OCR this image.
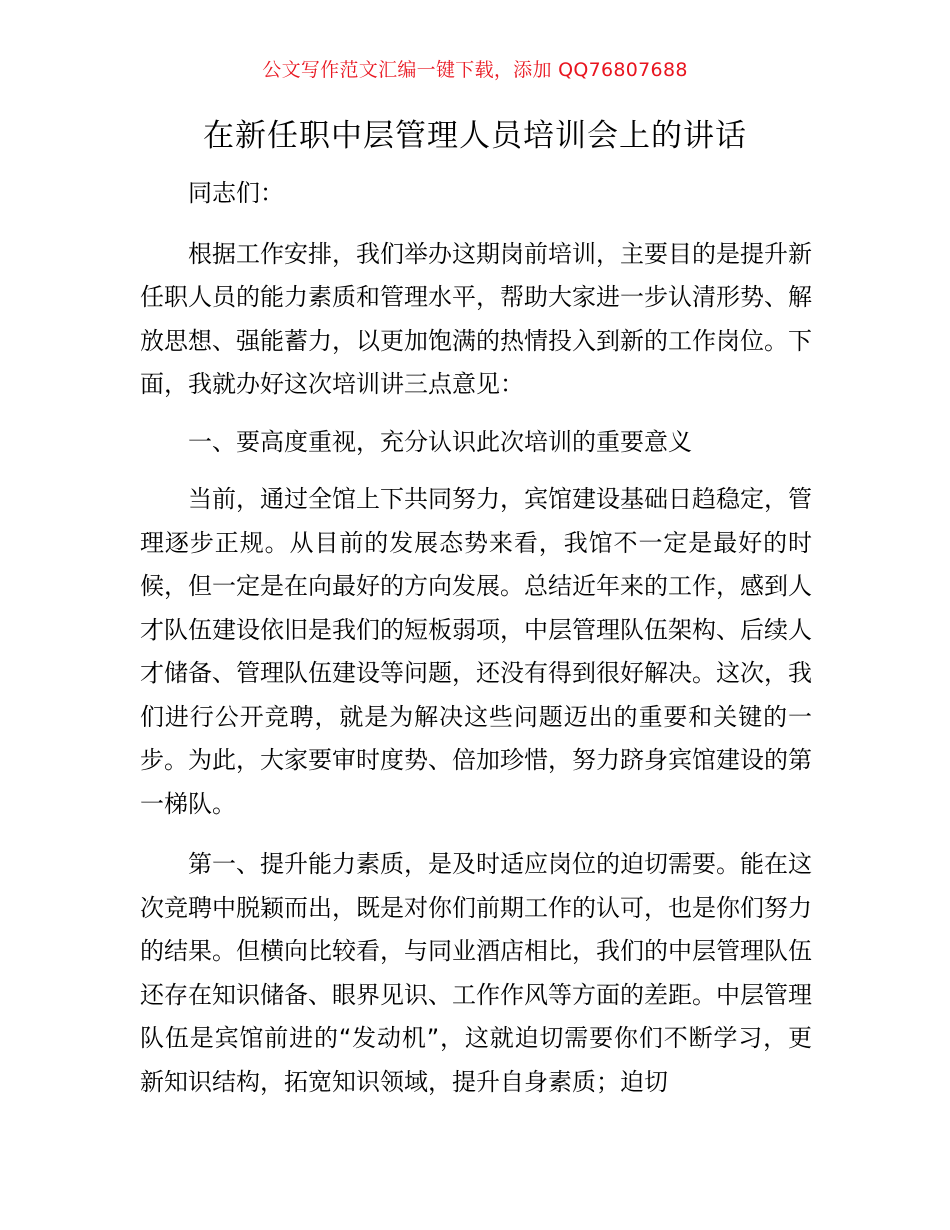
公文写作范文汇编一键下载，添加 QQ76807688
在新任职中层管理人员培训会上的讲话

同志们：

根据工作安排，我们举办这期岗前培训，主要目的是提升新任职人员的能力素质和管理水平，帮助大家进一步认清形势、解放思想、强能蓄力，以更加饱满的热情投入到新的工作岗位。下面，我就办好这次培训讲三点意见：

一、要高度重视，充分认识此次培训的重要意义

当前，通过全馆上下共同努力，宾馆建设基础日趋稳定，管理逐步正规。从目前的发展态势来看，我馆不一定是最好的时候，但一定是在向最好的方向发展。总结近年来的工作，感到人才队伍建设依旧是我们的短板弱项，中层管理队伍架构、后续人才储备、管理队伍建设等问题，还没有得到很好解决。这次，我们进行公开竞聘，就是为解决这些问题迈出的重要和关键的一步。为此，大家要审时度势、倍加珍惜，努力跻身宾馆建设的第一梯队。

第一、提升能力素质，是及时适应岗位的迫切需要。能在这次竞聘中脱颖而出，既是对你们前期工作的认可，也是你们努力的结果。但横向比较看，与同业酒店相比，我们的中层管理队伍还存在知识储备、眼界见识、工作作风等方面的差距。中层管理队伍是宾馆前进的“发动机”，这就迫切需要你们不断学习，更新知识结构，拓宽知识领域，提升自身素质；迫切
